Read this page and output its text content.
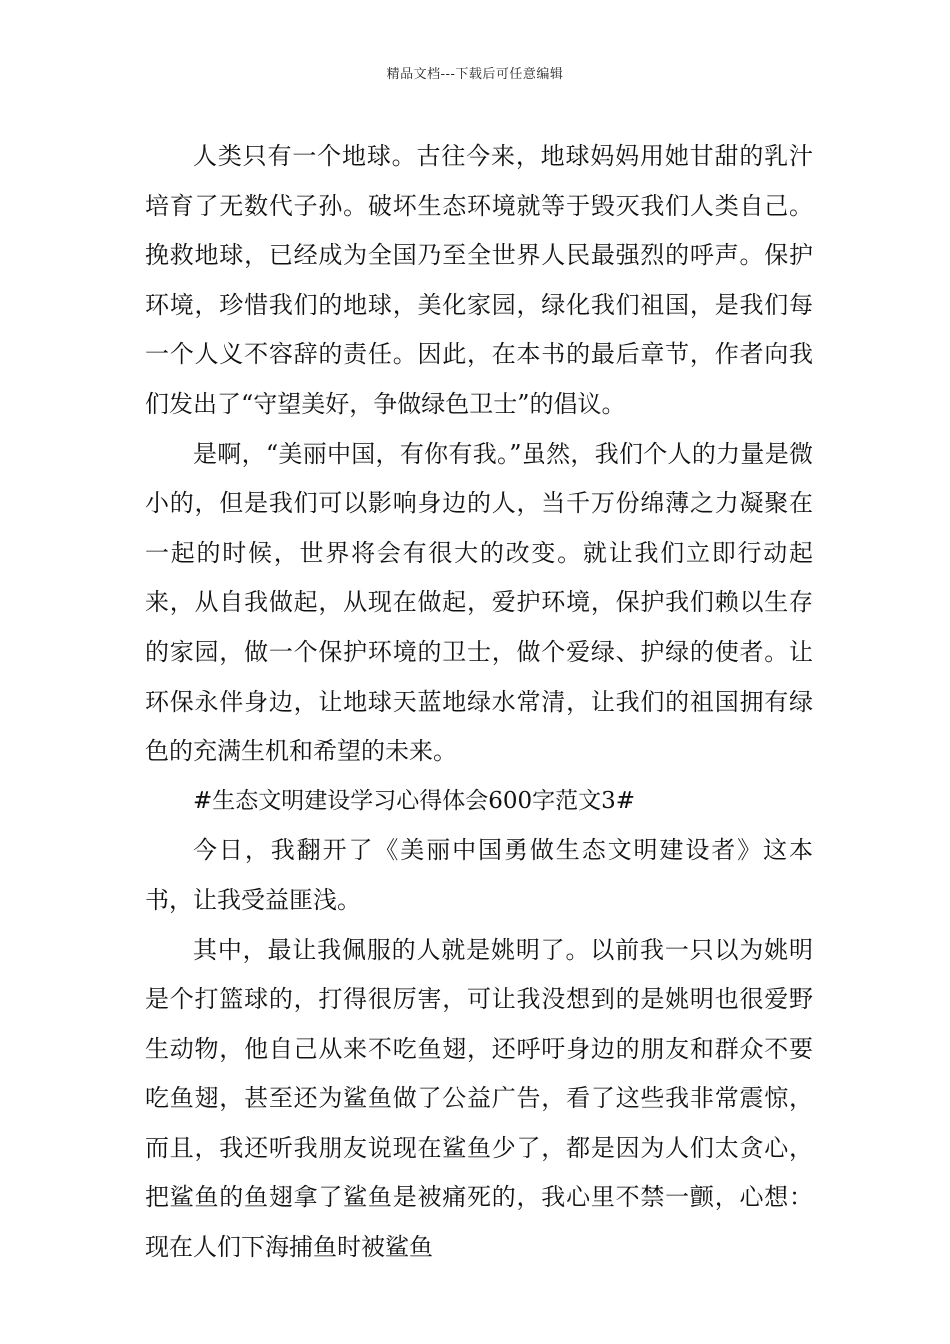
精品文档---下载后可任意编辑

人类只有一个地球。古往今来，地球妈妈用她甘甜的乳汁培育了无数代子孙。破坏生态环境就等于毁灭我们人类自己。挽救地球，已经成为全国乃至全世界人民最强烈的呼声。保护环境，珍惜我们的地球，美化家园，绿化我们祖国，是我们每一个人义不容辞的责任。因此，在本书的最后章节，作者向我们发出了“守望美好，争做绿色卫士”的倡议。

是啊，“美丽中国，有你有我。”虽然，我们个人的力量是微小的，但是我们可以影响身边的人，当千万份绵薄之力凝聚在一起的时候，世界将会有很大的改变。就让我们立即行动起来，从自我做起，从现在做起，爱护环境，保护我们赖以生存的家园，做一个保护环境的卫士，做个爱绿、护绿的使者。让环保永伴身边，让地球天蓝地绿水常清，让我们的祖国拥有绿色的充满生机和希望的未来。

#生态文明建设学习心得体会600字范文3#

今日，我翻开了《美丽中国勇做生态文明建设者》这本书，让我受益匪浅。

其中，最让我佩服的人就是姚明了。以前我一只以为姚明是个打篮球的，打得很厉害，可让我没想到的是姚明也很爱野生动物，他自己从来不吃鱼翅，还呼吁身边的朋友和群众不要吃鱼翅，甚至还为鲨鱼做了公益广告，看了这些我非常震惊，而且，我还听我朋友说现在鲨鱼少了，都是因为人们太贪心，把鲨鱼的鱼翅拿了鲨鱼是被痛死的，我心里不禁一颤，心想：现在人们下海捕鱼时被鲨鱼
